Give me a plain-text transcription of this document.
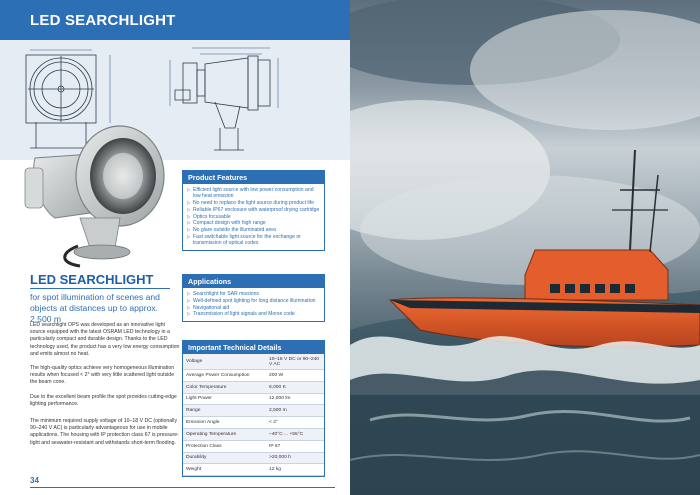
LED SEARCHLIGHT
LED SEARCHLIGHT
for spot illumination of scenes and objects at distances up to approx. 2,500 m
LED searchlight OPS was developed as an innovative light source equipped with the latest OSRAM LED technology in a particularly compact and durable design. Thanks to the LED technology used, the product has a very low energy consumption and emits almost no heat.
The high-quality optics achieve very homogeneous illumination results when focused < 2° with very little scattered light outside the beam cone.
Due to the excellent beam profile the spot provides cutting-edge lighting performance.
The minimum required supply voltage of 10–18 V DC (optionally 90–240 V AC) is particularly advantageous for use in mobile applications. The housing with IP protection class 67 is pressure-tight and seawater-resistant and withstands short-term flooding.
34
Product Features
▷ Efficient light source with low power consumption and low heat emission
▷ No need to replace the light source during product life
▷ Reliable IP67 enclosure with waterproof drying cartridge
▷ Optics focusable
▷ Compact design with high range
▷ No glare outside the illuminated area
▷ Fast switchable light source for the exchange or transmission of optical codes
Applications
▷ Searchlight for SAR missions
▷ Well-defined spot lighting for long distance illumination
▷ Navigational aid
▷ Transmission of light signals and Morse code
Important Technical Details
Voltage	10–18 V DC or 90–240 V AC
Average Power Consumption	200 W
Color Temperature	6,000 K
Light Power	12,000 lm
Range	2,500 m
Emission Angle	< 2°
Operating Temperature	–40°C ... +55°C
Protection Class	IP 67
Durability	>20,000 h
Weight	12 kg
